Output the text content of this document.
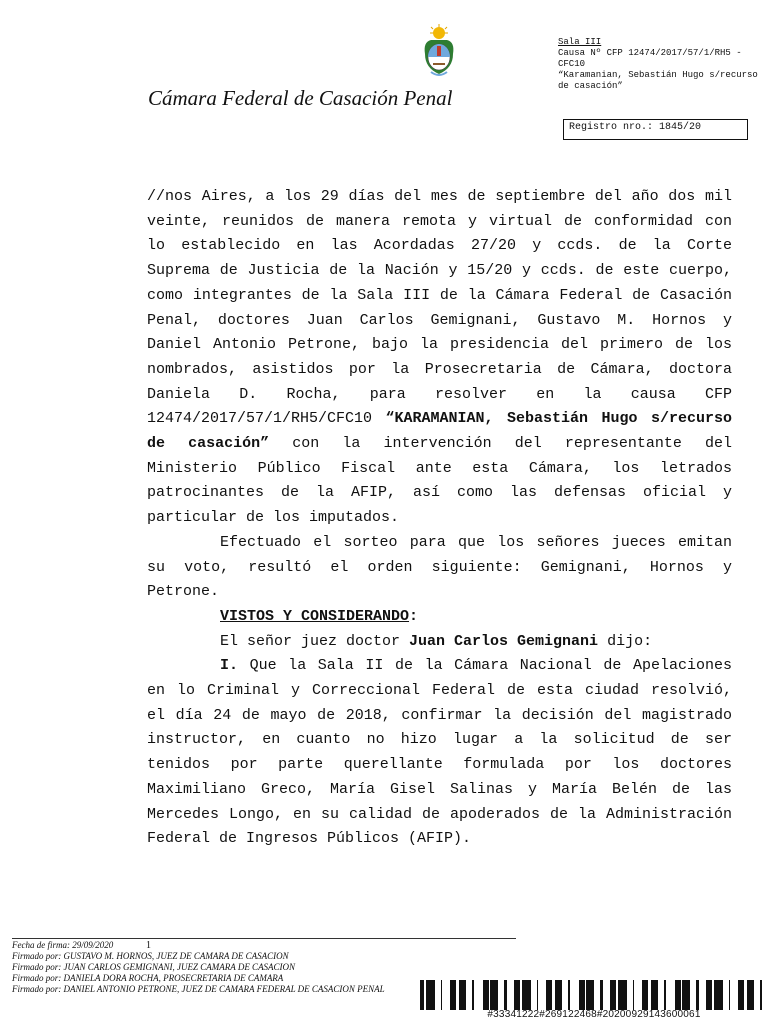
Cámara Federal de Casación Penal
Sala III
Causa Nº CFP 12474/2017/57/1/RH5 - CFC10
“Karamanian, Sebastián Hugo s/recurso de casación”
Registro nro.: 1845/20

//nos Aires, a los 29 días del mes de septiembre del año dos mil veinte, reunidos de manera remota y virtual de conformidad con lo establecido en las Acordadas 27/20 y ccds. de la Corte Suprema de Justicia de la Nación y 15/20 y ccds. de este cuerpo, como integrantes de la Sala III de la Cámara Federal de Casación Penal, doctores Juan Carlos Gemignani, Gustavo M. Hornos y Daniel Antonio Petrone, bajo la presidencia del primero de los nombrados, asistidos por la Prosecretaria de Cámara, doctora Daniela D. Rocha, para resolver en la causa CFP 12474/2017/57/1/RH5/CFC10 “KARAMANIAN, Sebastián Hugo s/recurso de casación” con la intervención del representante del Ministerio Público Fiscal ante esta Cámara, los letrados patrocinantes de la AFIP, así como las defensas oficial y particular de los imputados.

Efectuado el sorteo para que los señores jueces emitan su voto, resultó el orden siguiente: Gemignani, Hornos y Petrone.

VISTOS Y CONSIDERANDO:

El señor juez doctor Juan Carlos Gemignani dijo:

I. Que la Sala II de la Cámara Nacional de Apelaciones en lo Criminal y Correccional Federal de esta ciudad resolvió, el día 24 de mayo de 2018, confirmar la decisión del magistrado instructor, en cuanto no hizo lugar a la solicitud de ser tenidos por parte querellante formulada por los doctores Maximiliano Greco, María Gisel Salinas y María Belén de las Mercedes Longo, en su calidad de apoderados de la Administración Federal de Ingresos Públicos (AFIP).

1
Fecha de firma: 29/09/2020
Firmado por: GUSTAVO M. HORNOS, JUEZ DE CAMARA DE CASACION
Firmado por: JUAN CARLOS GEMIGNANI, JUEZ CAMARA DE CASACION
Firmado por: DANIELA DORA ROCHA, PROSECRETARIA DE CAMARA
Firmado por: DANIEL ANTONIO PETRONE, JUEZ DE CAMARA FEDERAL DE CASACION PENAL
#33341222#269122468#20200929143600061
